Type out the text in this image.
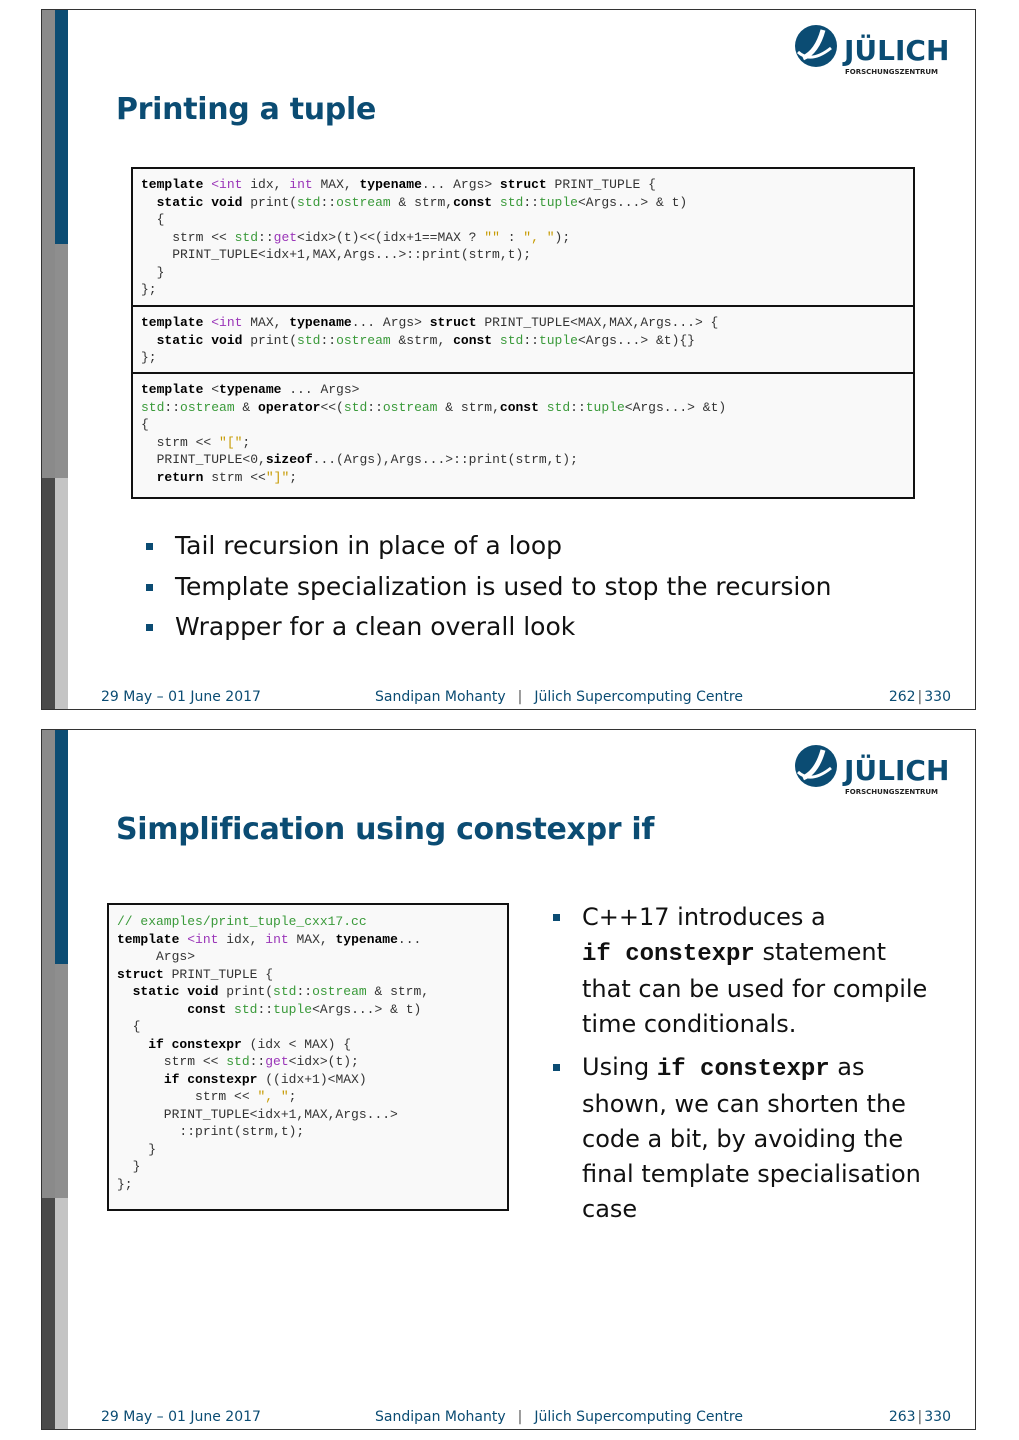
JÜLICH
FORSCHUNGSZENTRUM
Printing a tuple
template <int idx, int MAX, typename... Args> struct PRINT_TUPLE {
static void print(std::ostream & strm,const std::tuple<Args...> & t)
{
strm << std::get<idx>(t)<<(idx+1==MAX ? "" : ", ");
PRINT_TUPLE<idx+1,MAX,Args...>::print(strm,t);
}
};
template <int MAX, typename... Args> struct PRINT_TUPLE<MAX,MAX,Args...> {
static void print(std::ostream &strm, const std::tuple<Args...> &t){}
};
template <typename ... Args>
std::ostream & operator<<(std::ostream & strm,const std::tuple<Args...> &t)
{
strm << "[";
PRINT_TUPLE<0,sizeof...(Args),Args...>::print(strm,t);
return strm <<"]";
Tail recursion in place of a loop
Template specialization is used to stop the recursion
Wrapper for a clean overall look
29 May – 01 June 2017	Sandipan Mohanty | Jülich Supercomputing Centre	262 | 330
JÜLICH
FORSCHUNGSZENTRUM
Simplification using constexpr if
// examples/print_tuple_cxx17.cc
template <int idx, int MAX, typename...
Args>
struct PRINT_TUPLE {
static void print(std::ostream & strm,
const std::tuple<Args...> & t)
{
if constexpr (idx < MAX) {
strm << std::get<idx>(t);
if constexpr ((idx+1)<MAX)
strm << ", ";
PRINT_TUPLE<idx+1,MAX,Args...>
::print(strm,t);
}
}
};
C++17 introduces a
if constexpr statement
that can be used for compile
time conditionals.
Using if constexpr as
shown, we can shorten the
code a bit, by avoiding the
final template specialisation
case
29 May – 01 June 2017	Sandipan Mohanty | Jülich Supercomputing Centre	263 | 330
